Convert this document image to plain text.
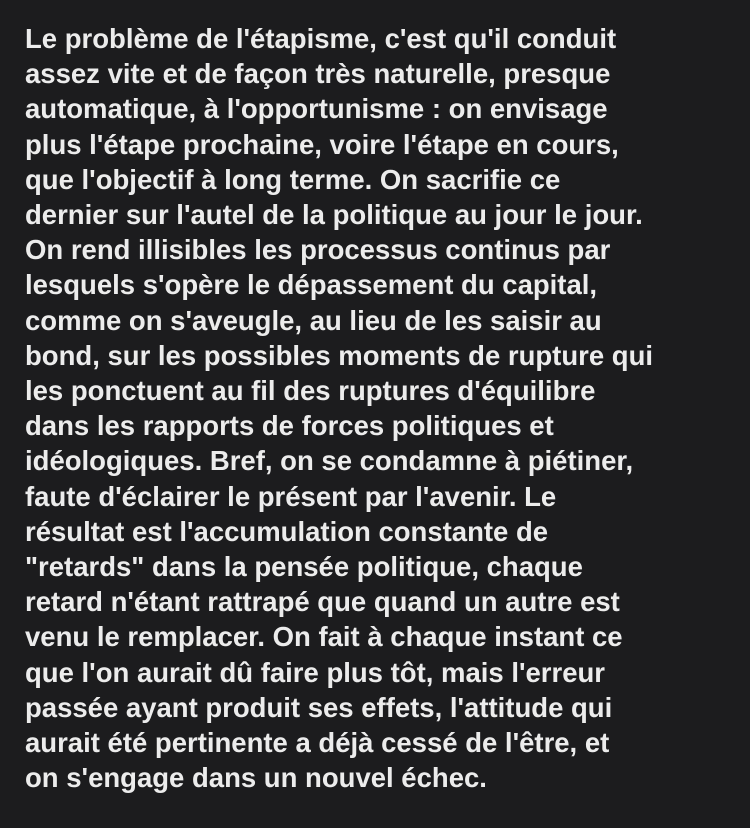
Le problème de l'étapisme, c'est qu'il conduit
assez vite et de façon très naturelle, presque
automatique, à l'opportunisme : on envisage
plus l'étape prochaine, voire l'étape en cours,
que l'objectif à long terme. On sacrifie ce
dernier sur l'autel de la politique au jour le jour.
On rend illisibles les processus continus par
lesquels s'opère le dépassement du capital,
comme on s'aveugle, au lieu de les saisir au
bond, sur les possibles moments de rupture qui
les ponctuent au fil des ruptures d'équilibre
dans les rapports de forces politiques et
idéologiques. Bref, on se condamne à piétiner,
faute d'éclairer le présent par l'avenir. Le
résultat est l'accumulation constante de
"retards" dans la pensée politique, chaque
retard n'étant rattrapé que quand un autre est
venu le remplacer. On fait à chaque instant ce
que l'on aurait dû faire plus tôt, mais l'erreur
passée ayant produit ses effets, l'attitude qui
aurait été pertinente a déjà cessé de l'être, et
on s'engage dans un nouvel échec.
